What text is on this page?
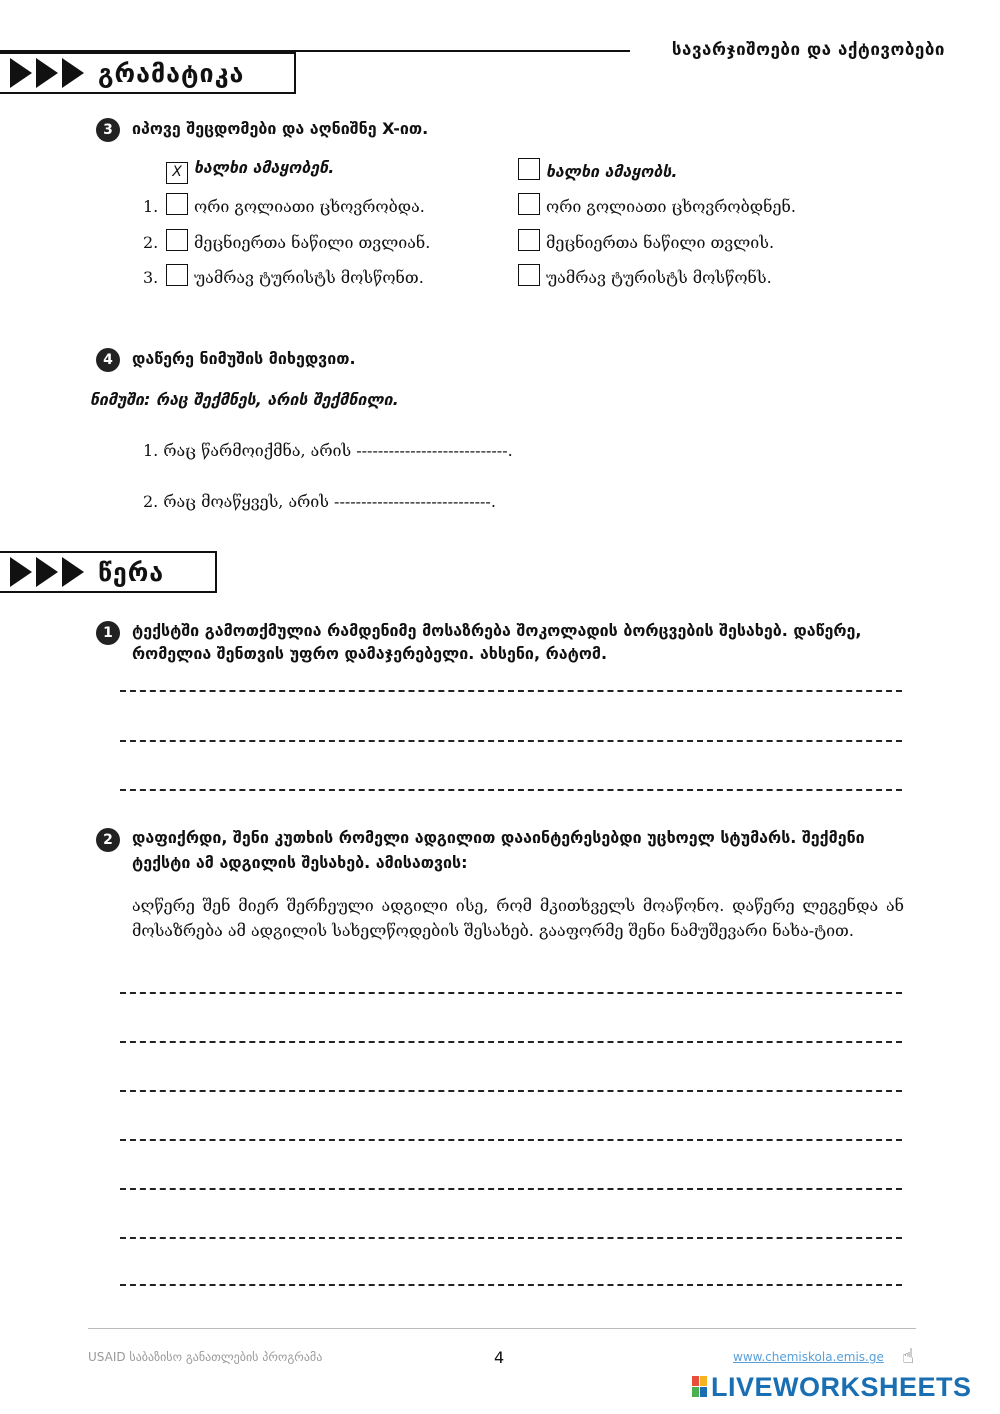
სავარჯიშოები და აქტივობები
გრამატიკა
3	იპოვე შეცდომები და აღნიშნე X-ით.
X ხალხი ამაყობენ.	ხალხი ამაყობს.
1.	ორი გოლიათი ცხოვრობდა.	ორი გოლიათი ცხოვრობდნენ.
2.	მეცნიერთა ნაწილი თვლიან.	მეცნიერთა ნაწილი თვლის.
3.	უამრავ ტურისტს მოსწონთ.	უამრავ ტურისტს მოსწონს.
4	დაწერე ნიმუშის მიხედვით.
ნიმუში: რაც შექმნეს, არის შექმნილი.
1. რაც წარმოიქმნა, არის ----------------------------.
2. რაც მოაწყვეს, არის -----------------------------.
წერა
1	ტექსტში გამოთქმულია რამდენიმე მოსაზრება შოკოლადის ბორცვების შესახებ. დაწერე,
რომელია შენთვის უფრო დამაჯერებელი. ახსენი, რატომ.
2	დაფიქრდი, შენი კუთხის რომელი ადგილით დააინტერესებდი უცხოელ სტუმარს. შექმენი
ტექსტი ამ ადგილის შესახებ. ამისათვის:
აღწერე შენ მიერ შერჩეული ადგილი ისე, რომ მკითხველს მოაწონო. დაწერე ლეგენდა ან მოსაზრება ამ ადგილის სახელწოდების შესახებ. გააფორმე შენი ნამუშევარი ნახა-ტით.
USAID საბაზისო განათლების პროგრამა	4	www.chemiskola.emis.ge ☝
LIVEWORKSHEETS
